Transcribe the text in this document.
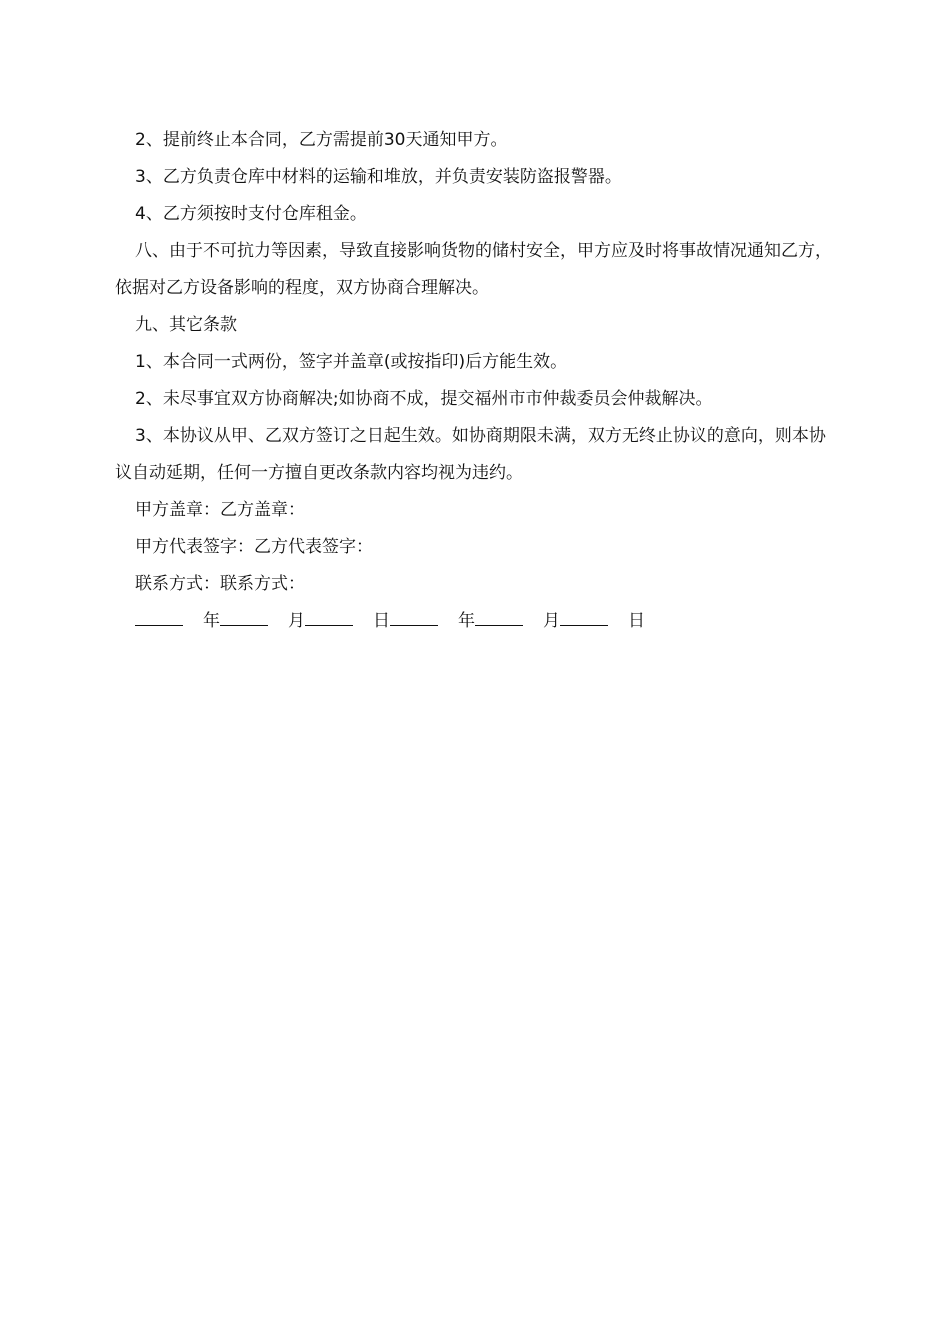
2、提前终止本合同，乙方需提前30天通知甲方。

3、乙方负责仓库中材料的运输和堆放，并负责安装防盗报警器。

4、乙方须按时支付仓库租金。

八、由于不可抗力等因素，导致直接影响货物的储村安全，甲方应及时将事故情况通知乙方，依据对乙方设备影响的程度，双方协商合理解决。

九、其它条款

1、本合同一式两份，签字并盖章(或按指印)后方能生效。

2、未尽事宜双方协商解决;如协商不成，提交福州市市仲裁委员会仲裁解决。

3、本协议从甲、乙双方签订之日起生效。如协商期限未满，双方无终止协议的意向，则本协议自动延期，任何一方擅自更改条款内容均视为违约。

甲方盖章：乙方盖章：

甲方代表签字：乙方代表签字：

联系方式：联系方式：

年	月	日	年	月	日
